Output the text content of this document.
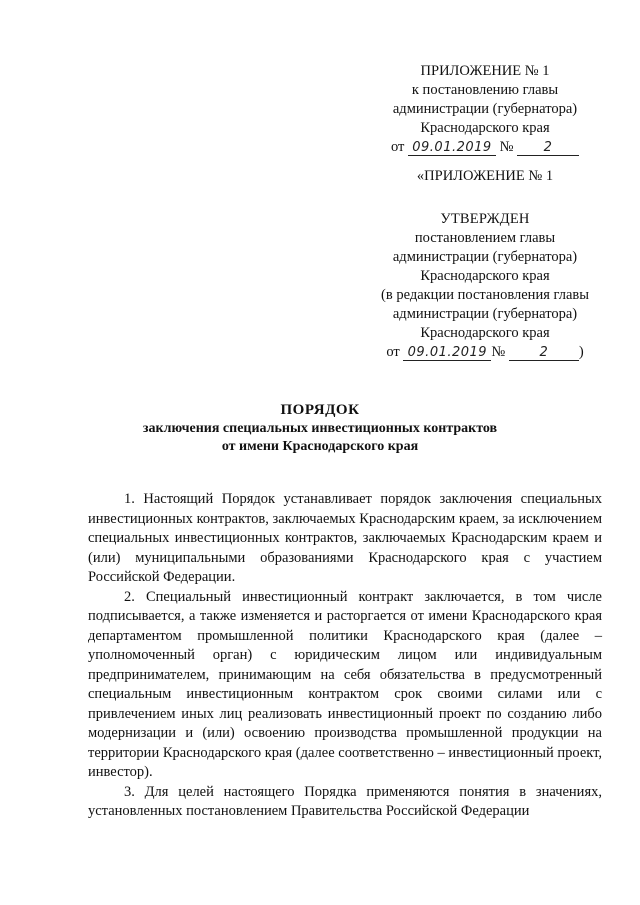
ПРИЛОЖЕНИЕ № 1
к постановлению главы
администрации (губернатора)
Краснодарского края
от 09.01.2019 № 2
«ПРИЛОЖЕНИЕ № 1
УТВЕРЖДЕН
постановлением главы
администрации (губернатора)
Краснодарского края
(в редакции постановления главы
администрации (губернатора)
Краснодарского края
от 09.01.2019 №	2 )
ПОРЯДОК
заключения специальных инвестиционных контрактов
от имени Краснодарского края

1. Настоящий Порядок устанавливает порядок заключения специальных инвестиционных контрактов, заключаемых Краснодарским краем, за исключением специальных инвестиционных контрактов, заключаемых Краснодарским краем и (или) муниципальными образованиями Краснодарского края с участием Российской Федерации.

2. Специальный инвестиционный контракт заключается, в том числе подписывается, а также изменяется и расторгается от имени Краснодарского края департаментом промышленной политики Краснодарского края (далее – уполномоченный орган) с юридическим лицом или индивидуальным предпринимателем, принимающим на себя обязательства в предусмотренный специальным инвестиционным контрактом срок своими силами или с привлечением иных лиц реализовать инвестиционный проект по созданию либо модернизации и (или) освоению производства промышленной продукции на территории Краснодарского края (далее соответственно – инвестиционный проект, инвестор).

3. Для целей настоящего Порядка применяются понятия в значениях, установленных постановлением Правительства Российской Федерации
